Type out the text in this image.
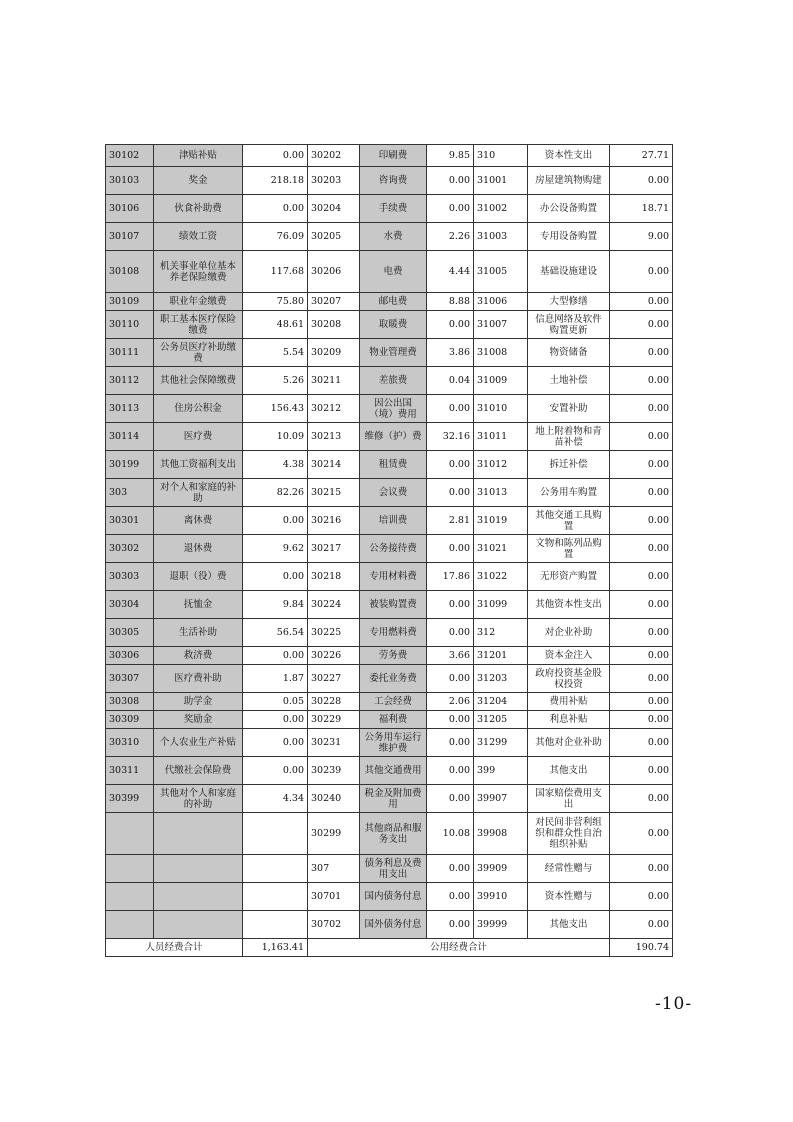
30102	津贴补贴	0.00	30202	印刷费	9.85	310	资本性支出	27.71
30103	奖金	218.18	30203	咨询费	0.00	31001	房屋建筑物购建	0.00
30106	伙食补助费	0.00	30204	手续费	0.00	31002	办公设备购置	18.71
30107	绩效工资	76.09	30205	水费	2.26	31003	专用设备购置	9.00
30108	机关事业单位基本养老保险缴费	117.68	30206	电费	4.44	31005	基础设施建设	0.00
30109	职业年金缴费	75.80	30207	邮电费	8.88	31006	大型修缮	0.00
30110	职工基本医疗保险缴费	48.61	30208	取暖费	0.00	31007	信息网络及软件购置更新	0.00
30111	公务员医疗补助缴费	5.54	30209	物业管理费	3.86	31008	物资储备	0.00
30112	其他社会保障缴费	5.26	30211	差旅费	0.04	31009	土地补偿	0.00
30113	住房公积金	156.43	30212	因公出国（境）费用	0.00	31010	安置补助	0.00
30114	医疗费	10.09	30213	维修（护）费	32.16	31011	地上附着物和青苗补偿	0.00
30199	其他工资福利支出	4.38	30214	租赁费	0.00	31012	拆迁补偿	0.00
303	对个人和家庭的补助	82.26	30215	会议费	0.00	31013	公务用车购置	0.00
30301	离休费	0.00	30216	培训费	2.81	31019	其他交通工具购置	0.00
30302	退休费	9.62	30217	公务接待费	0.00	31021	文物和陈列品购置	0.00
30303	退职（役）费	0.00	30218	专用材料费	17.86	31022	无形资产购置	0.00
30304	抚恤金	9.84	30224	被装购置费	0.00	31099	其他资本性支出	0.00
30305	生活补助	56.54	30225	专用燃料费	0.00	312	对企业补助	0.00
30306	救济费	0.00	30226	劳务费	3.66	31201	资本金注入	0.00
30307	医疗费补助	1.87	30227	委托业务费	0.00	31203	政府投资基金股权投资	0.00
30308	助学金	0.05	30228	工会经费	2.06	31204	费用补贴	0.00
30309	奖励金	0.00	30229	福利费	0.00	31205	利息补贴	0.00
30310	个人农业生产补贴	0.00	30231	公务用车运行维护费	0.00	31299	其他对企业补助	0.00
30311	代缴社会保险费	0.00	30239	其他交通费用	0.00	399	其他支出	0.00
30399	其他对个人和家庭的补助	4.34	30240	税金及附加费用	0.00	39907	国家赔偿费用支出	0.00
			30299	其他商品和服务支出	10.08	39908	对民间非营利组织和群众性自治组织补贴	0.00
			307	债务利息及费用支出	0.00	39909	经常性赠与	0.00
			30701	国内债务付息	0.00	39910	资本性赠与	0.00
			30702	国外债务付息	0.00	39999	其他支出	0.00
人员经费合计		1,163.41	公用经费合计					190.74
-10-
